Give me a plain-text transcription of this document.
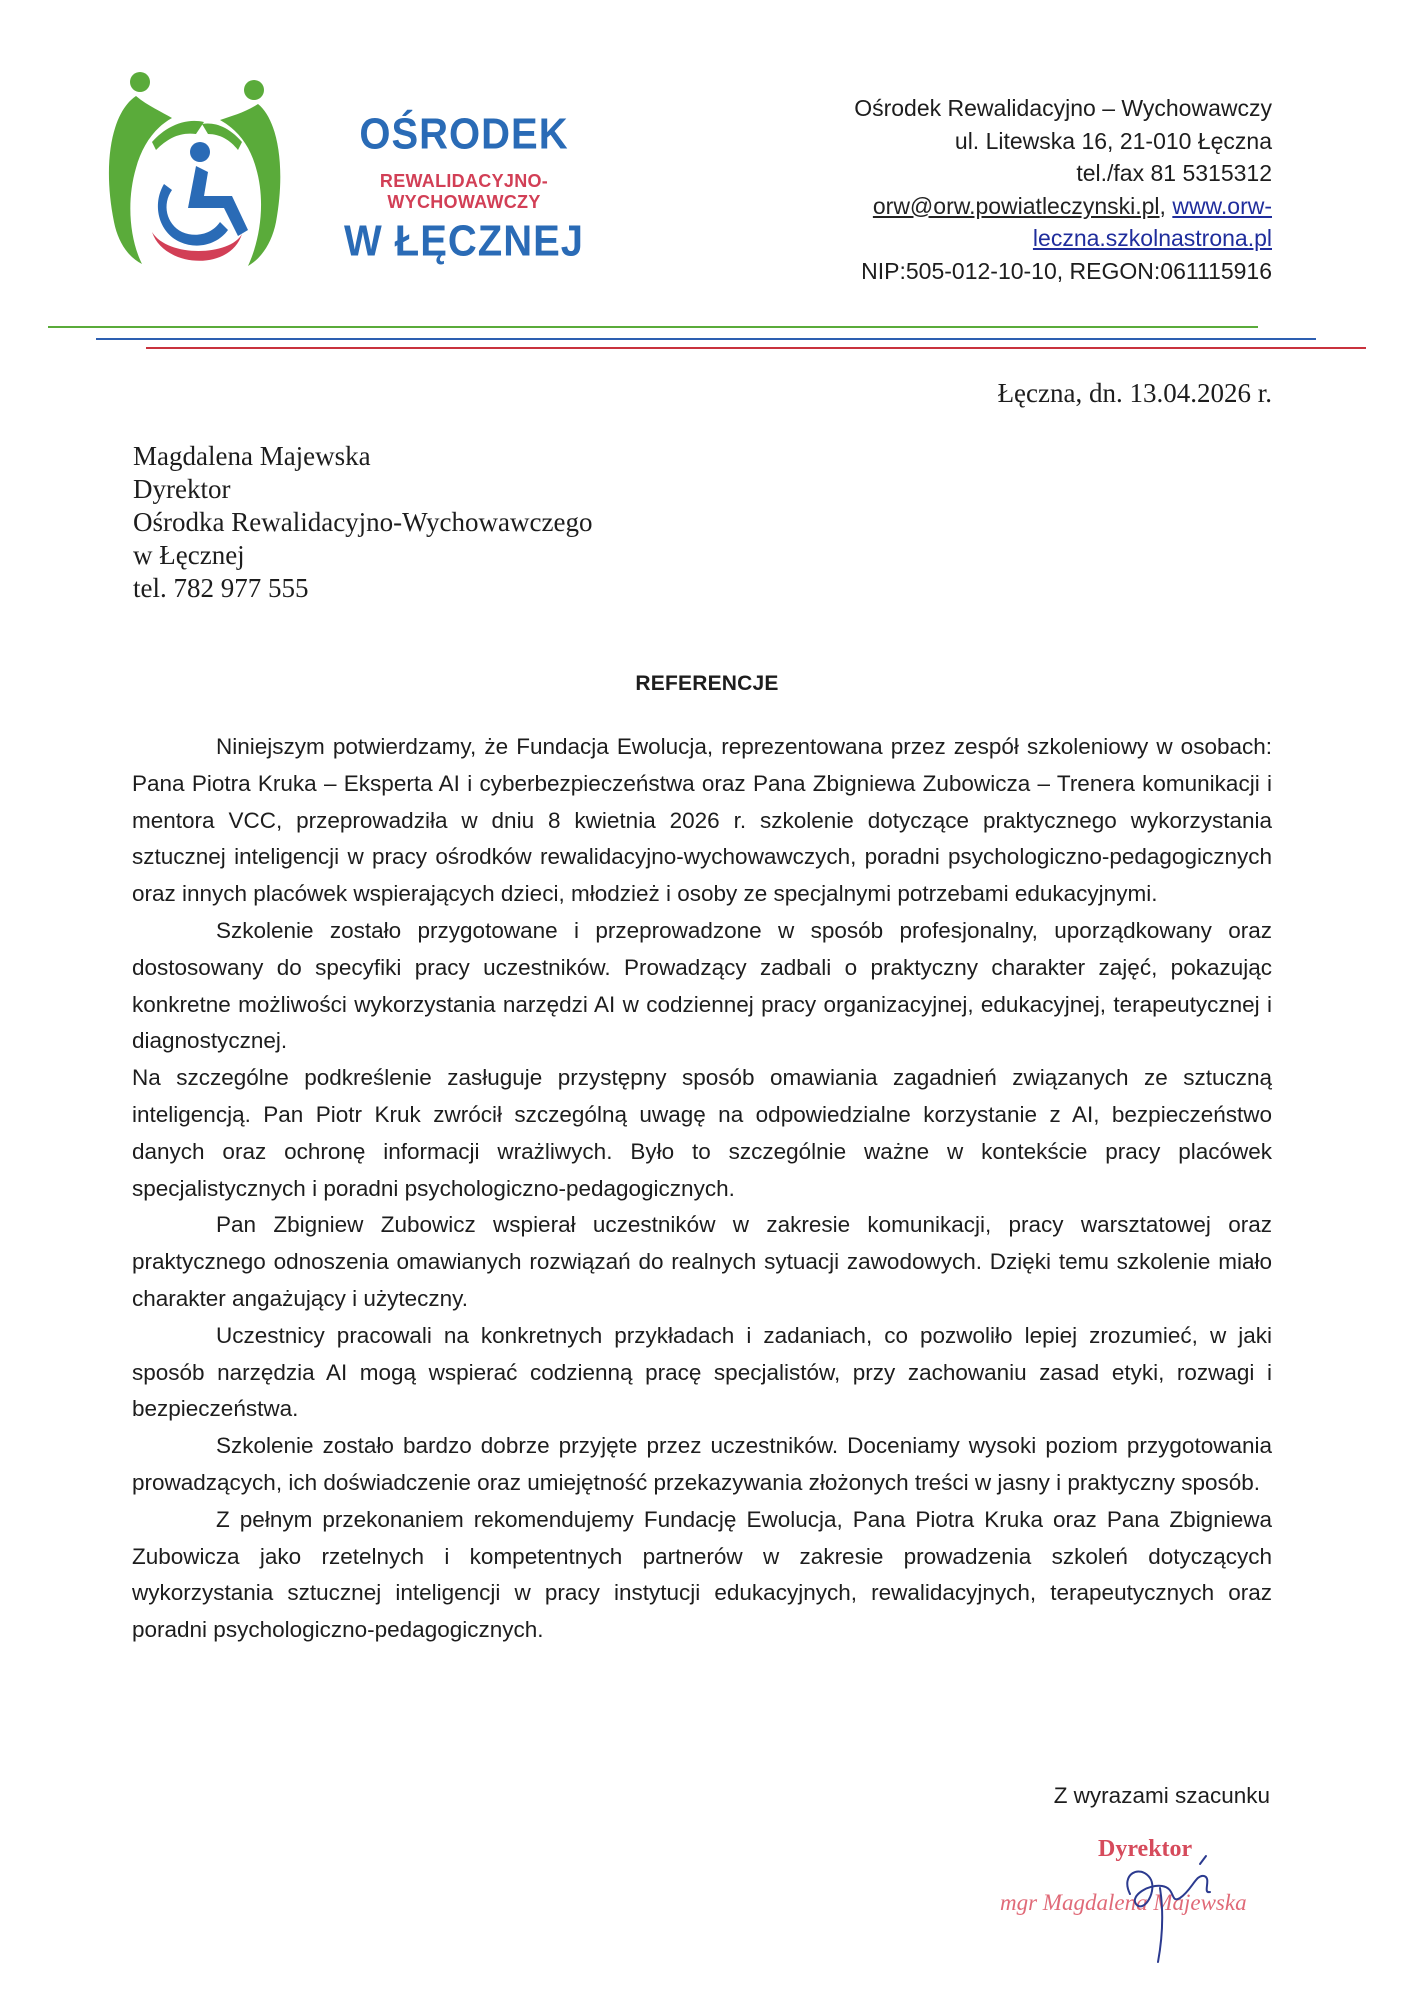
OŚRODEK
REWALIDACYJNO-WYCHOWAWCZY
W ŁĘCZNEJ
Ośrodek Rewalidacyjno – Wychowawczy
ul. Litewska 16, 21-010 Łęczna
tel./fax 81 5315312
orw@orw.powiatleczynski.pl, www.orw-
leczna.szkolnastrona.pl
NIP:505-012-10-10, REGON:061115916
Łęczna, dn. 13.04.2026 r.
Magdalena Majewska
Dyrektor
Ośrodka Rewalidacyjno-Wychowawczego
w Łęcznej
tel. 782 977 555
REFERENCJE

Niniejszym potwierdzamy, że Fundacja Ewolucja, reprezentowana przez zespół szkoleniowy w osobach: Pana Piotra Kruka – Eksperta AI i cyberbezpieczeństwa oraz Pana Zbigniewa Zubowicza – Trenera komunikacji i mentora VCC, przeprowadziła w dniu 8 kwietnia 2026 r. szkolenie dotyczące praktycznego wykorzystania sztucznej inteligencji w pracy ośrodków rewalidacyjno-wychowawczych, poradni psychologiczno-pedagogicznych oraz innych placówek wspierających dzieci, młodzież i osoby ze specjalnymi potrzebami edukacyjnymi.

Szkolenie zostało przygotowane i przeprowadzone w sposób profesjonalny, uporządkowany oraz dostosowany do specyfiki pracy uczestników. Prowadzący zadbali o praktyczny charakter zajęć, pokazując konkretne możliwości wykorzystania narzędzi AI w codziennej pracy organizacyjnej, edukacyjnej, terapeutycznej i diagnostycznej.

Na szczególne podkreślenie zasługuje przystępny sposób omawiania zagadnień związanych ze sztuczną inteligencją. Pan Piotr Kruk zwrócił szczególną uwagę na odpowiedzialne korzystanie z AI, bezpieczeństwo danych oraz ochronę informacji wrażliwych. Było to szczególnie ważne w kontekście pracy placówek specjalistycznych i poradni psychologiczno-pedagogicznych.

Pan Zbigniew Zubowicz wspierał uczestników w zakresie komunikacji, pracy warsztatowej oraz praktycznego odnoszenia omawianych rozwiązań do realnych sytuacji zawodowych. Dzięki temu szkolenie miało charakter angażujący i użyteczny.

Uczestnicy pracowali na konkretnych przykładach i zadaniach, co pozwoliło lepiej zrozumieć, w jaki sposób narzędzia AI mogą wspierać codzienną pracę specjalistów, przy zachowaniu zasad etyki, rozwagi i bezpieczeństwa.

Szkolenie zostało bardzo dobrze przyjęte przez uczestników. Doceniamy wysoki poziom przygotowania prowadzących, ich doświadczenie oraz umiejętność przekazywania złożonych treści w jasny i praktyczny sposób.

Z pełnym przekonaniem rekomendujemy Fundację Ewolucja, Pana Piotra Kruka oraz Pana Zbigniewa Zubowicza jako rzetelnych i kompetentnych partnerów w zakresie prowadzenia szkoleń dotyczących wykorzystania sztucznej inteligencji w pracy instytucji edukacyjnych, rewalidacyjnych, terapeutycznych oraz poradni psychologiczno-pedagogicznych.

Z wyrazami szacunku
Dyrektor
mgr Magdalena Majewska
